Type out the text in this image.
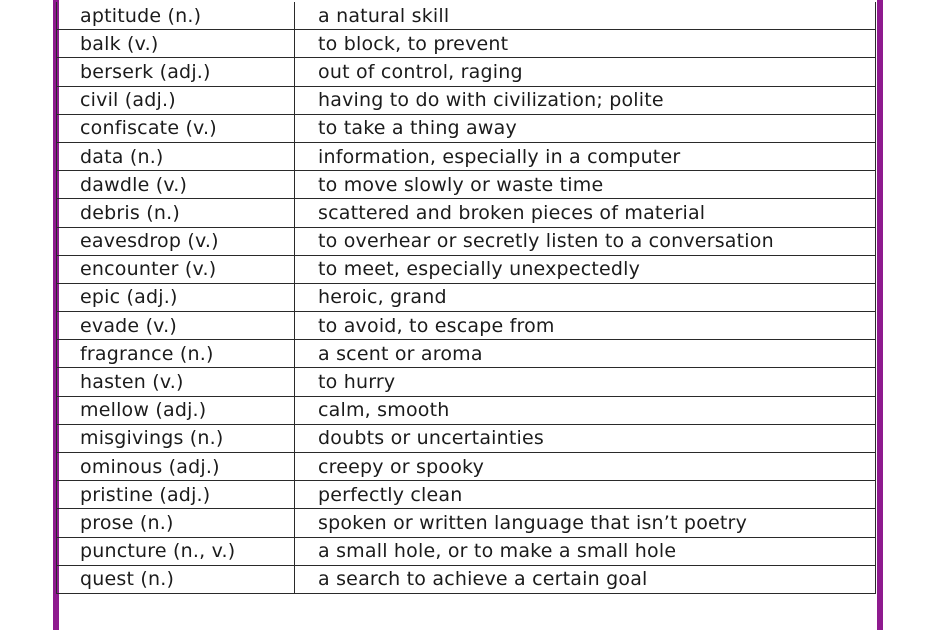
aptitude (n.)	a natural skill
balk (v.)	to block, to prevent
berserk (adj.)	out of control, raging
civil (adj.)	having to do with civilization; polite
confiscate (v.)	to take a thing away
data (n.)	information, especially in a computer
dawdle (v.)	to move slowly or waste time
debris (n.)	scattered and broken pieces of material
eavesdrop (v.)	to overhear or secretly listen to a conversation
encounter (v.)	to meet, especially unexpectedly
epic (adj.)	heroic, grand
evade (v.)	to avoid, to escape from
fragrance (n.)	a scent or aroma
hasten (v.)	to hurry
mellow (adj.)	calm, smooth
misgivings (n.)	doubts or uncertainties
ominous (adj.)	creepy or spooky
pristine (adj.)	perfectly clean
prose (n.)	spoken or written language that isn’t poetry
puncture (n., v.)	a small hole, or to make a small hole
quest (n.)	a search to achieve a certain goal
